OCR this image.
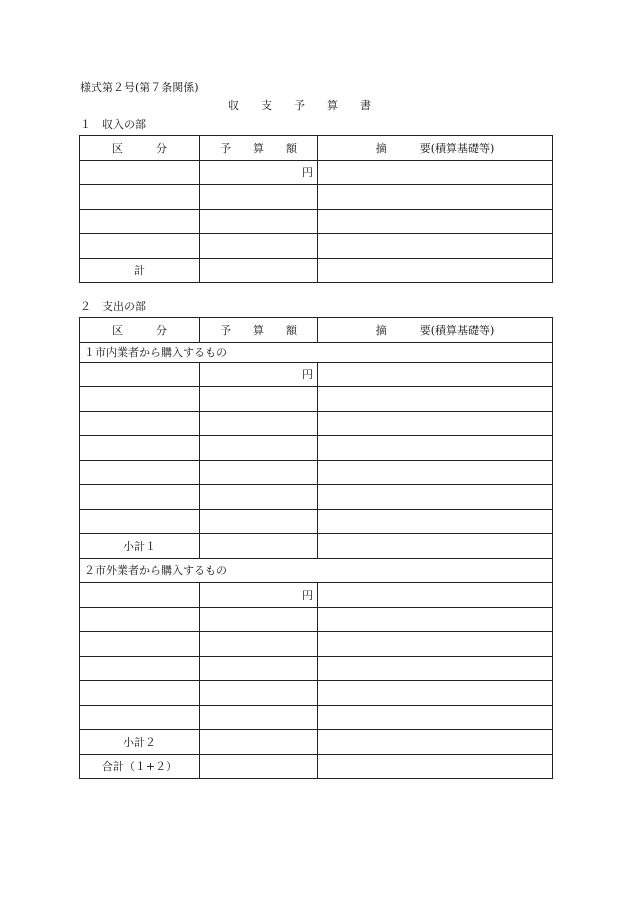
様式第２号(第７条関係)
収　　支　　予　　算　　書
１　収入の部
区　　　分	予　　算　　額	摘　　　要(積算基礎等)
	円	

計		
２　支出の部
区　　　分	予　　算　　額	摘　　　要(積算基礎等)
１市内業者から購入するもの		
	円	

小計１		
２市外業者から購入するもの		
	円	

小計２		
合計（１+２）		
